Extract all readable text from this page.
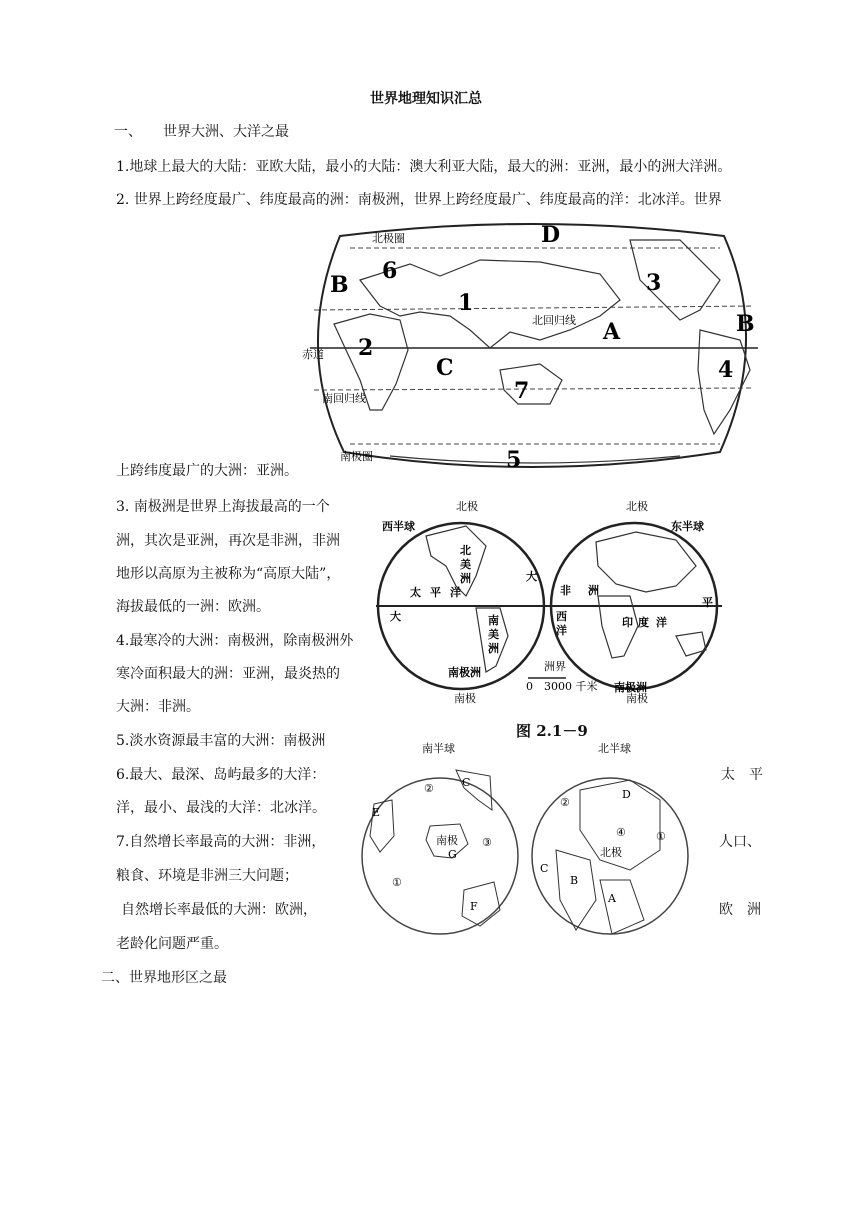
世界地理知识汇总
一、　　世界大洲、大洋之最
1.地球上最大的大陆：亚欧大陆，最小的大陆：澳大利亚大陆，最大的洲：亚洲，最小的洲大洋洲。
2. 世界上跨经度最广、纬度最高的洲：南极洲，世界上跨经度最广、纬度最高的洋：北冰洋。世界
上跨纬度最广的大洲：亚洲。
3. 南极洲是世界上海拔最高的一个
洲，其次是亚洲，再次是非洲，非洲
地形以高原为主被称为“高原大陆”，
海拔最低的一洲：欧洲。
4.最寒冷的大洲：南极洲，除南极洲外
寒冷面积最大的洲：亚洲，最炎热的
大洲：非洲。
5.淡水资源最丰富的大洲：南极洲
6.最大、最深、岛屿最多的大洋：	太　平
洋，最小、最浅的大洋：北冰洋。
7.自然增长率最高的大洲：非洲，	人口、
粮食、环境是非洲三大问题；
自然增长率最低的大洲：欧洲，	欧　洲
老龄化问题严重。
二、世界地形区之最
北回归线
赤道
南回归线
北极圈
南极圈
D
B
6
1
3
B
A
2
C
7
4
5
西半球	东半球
北极	北极
南极	南极
北
美
洲
太 平 洋
大
南
美
洲
大	西
洋
非 洲
印 度 洋
南极洲
南极洲
平
0　3000 千米
洲界
图 2.1－9
南半球	北半球
②	C
E
③
①
F
南极
G
D
②
①
④
北极
C
B
A
